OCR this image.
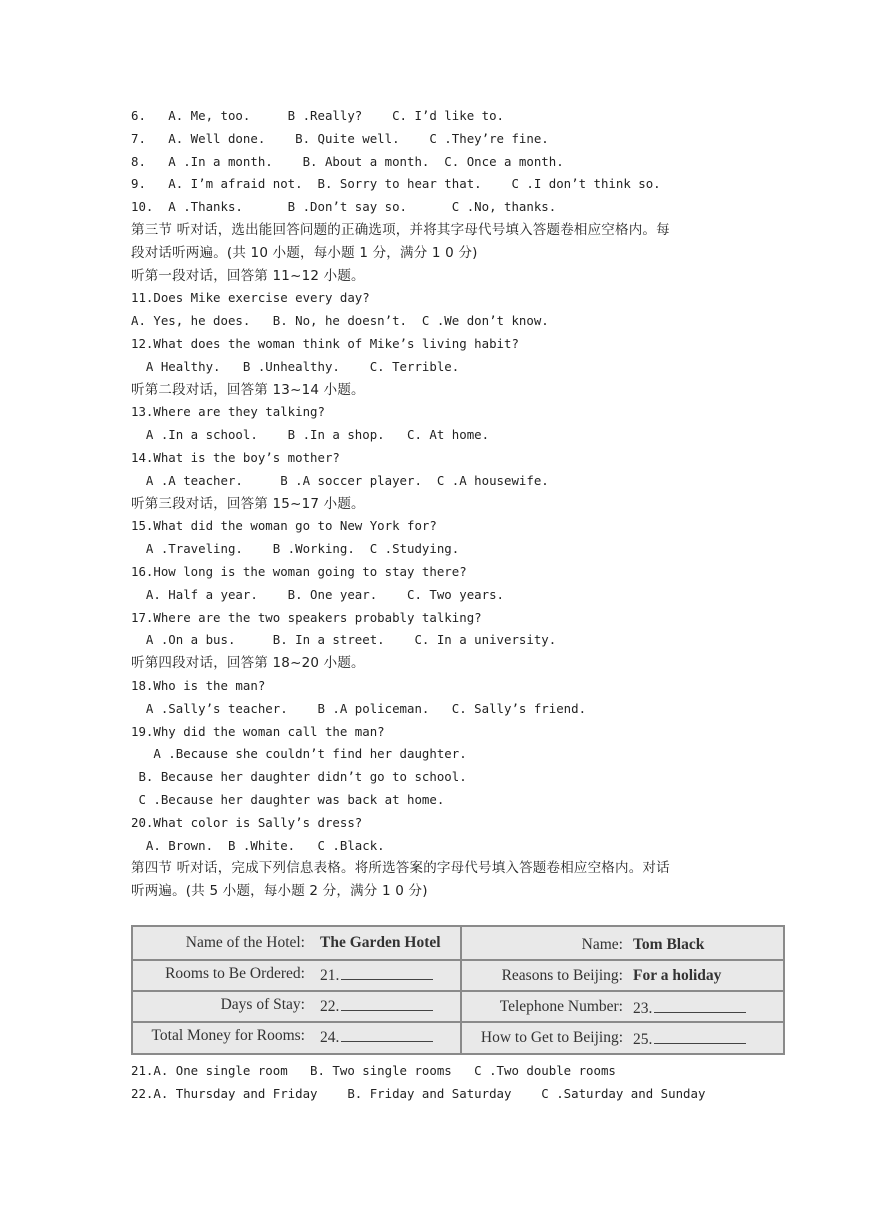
6.   A. Me, too.     B .Really?    C. I’d like to.
7.   A. Well done.    B. Quite well.    C .They’re fine.
8.   A .In a month.    B. About a month.  C. Once a month.
9.   A. I’m afraid not.  B. Sorry to hear that.    C .I don’t think so.
10.  A .Thanks.      B .Don’t say so.      C .No, thanks.
第三节 听对话，选出能回答问题的正确选项，并将其字母代号填入答题卷相应空格内。每
段对话听两遍。(共 10 小题，每小题 1 分，满分 1 0 分)
听第一段对话，回答第 11~12 小题。
11.Does Mike exercise every day?
A. Yes, he does.   B. No, he doesn’t.  C .We don’t know.
12.What does the woman think of Mike’s living habit?
A Healthy.   B .Unhealthy.    C. Terrible.
听第二段对话，回答第 13~14 小题。
13.Where are they talking?
A .In a school.    B .In a shop.   C. At home.
14.What is the boy’s mother?
A .A teacher.     B .A soccer player.  C .A housewife.
听第三段对话，回答第 15~17 小题。
15.What did the woman go to New York for?
A .Traveling.    B .Working.  C .Studying.
16.How long is the woman going to stay there?
A. Half a year.    B. One year.    C. Two years.
17.Where are the two speakers probably talking?
A .On a bus.     B. In a street.    C. In a university.
听第四段对话，回答第 18~20 小题。
18.Who is the man?
A .Sally’s teacher.    B .A policeman.   C. Sally’s friend.
19.Why did the woman call the man?
A .Because she couldn’t find her daughter.
B. Because her daughter didn’t go to school.
C .Because her daughter was back at home.
20.What color is Sally’s dress?
A. Brown.  B .White.   C .Black.
第四节 听对话，完成下列信息表格。将所选答案的字母代号填入答题卷相应空格内。对话
听两遍。(共 5 小题，每小题 2 分，满分 1 0 分)
Name of the Hotel: The Garden Hotel	Name: Tom Black
Rooms to Be Ordered: 21.	Reasons to Beijing: For a holiday
Days of Stay: 22.	Telephone Number: 23.
Total Money for Rooms: 24.	How to Get to Beijing: 25.
21.A. One single room   B. Two single rooms   C .Two double rooms
22.A. Thursday and Friday    B. Friday and Saturday    C .Saturday and Sunday
